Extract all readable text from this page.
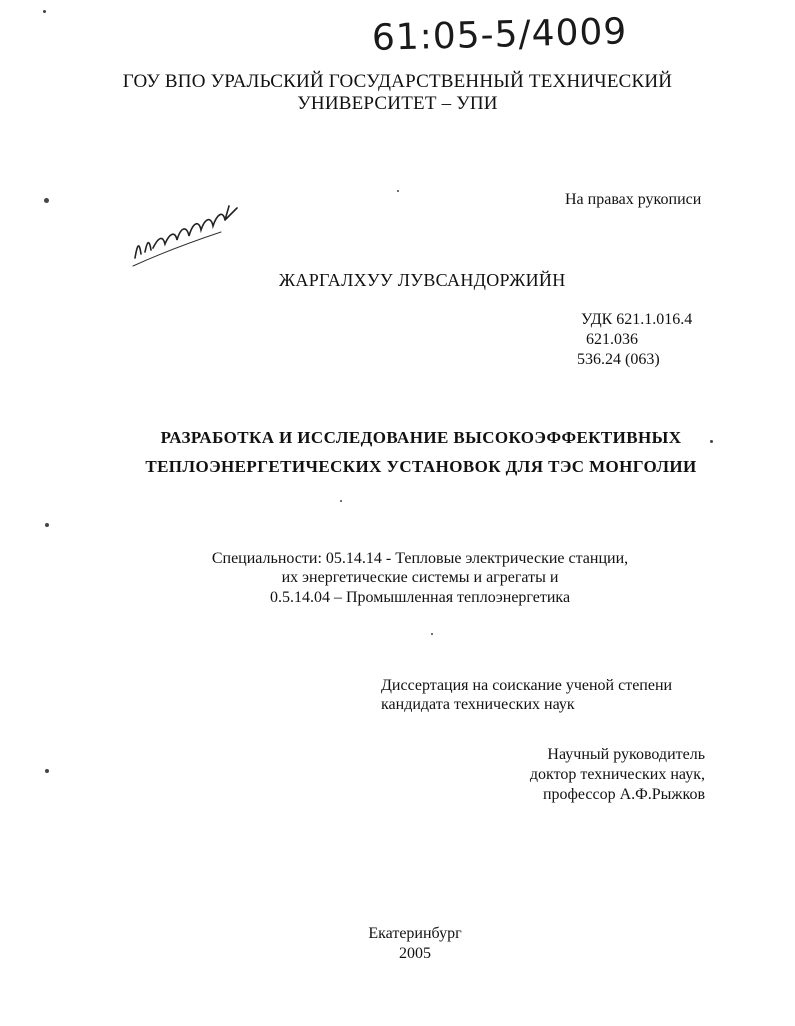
61:05-5/4009
ГОУ ВПО УРАЛЬСКИЙ ГОСУДАРСТВЕННЫЙ ТЕХНИЧЕСКИЙ
УНИВЕРСИТЕТ – УПИ
На правах рукописи
ЖАРГАЛХУУ ЛУВСАНДОРЖИЙН
УДК 621.1.016.4
621.036
536.24 (063)
РАЗРАБОТКА И ИССЛЕДОВАНИЕ ВЫСОКОЭФФЕКТИВНЫХ
ТЕПЛОЭНЕРГЕТИЧЕСКИХ УСТАНОВОК ДЛЯ ТЭС МОНГОЛИИ
Специальности: 05.14.14 - Тепловые электрические станции,
их энергетические системы и агрегаты и
0.5.14.04 – Промышленная теплоэнергетика
Диссертация на соискание ученой степени
кандидата технических наук
Научный руководитель
доктор технических наук,
профессор А.Ф.Рыжков
Екатеринбург
2005
